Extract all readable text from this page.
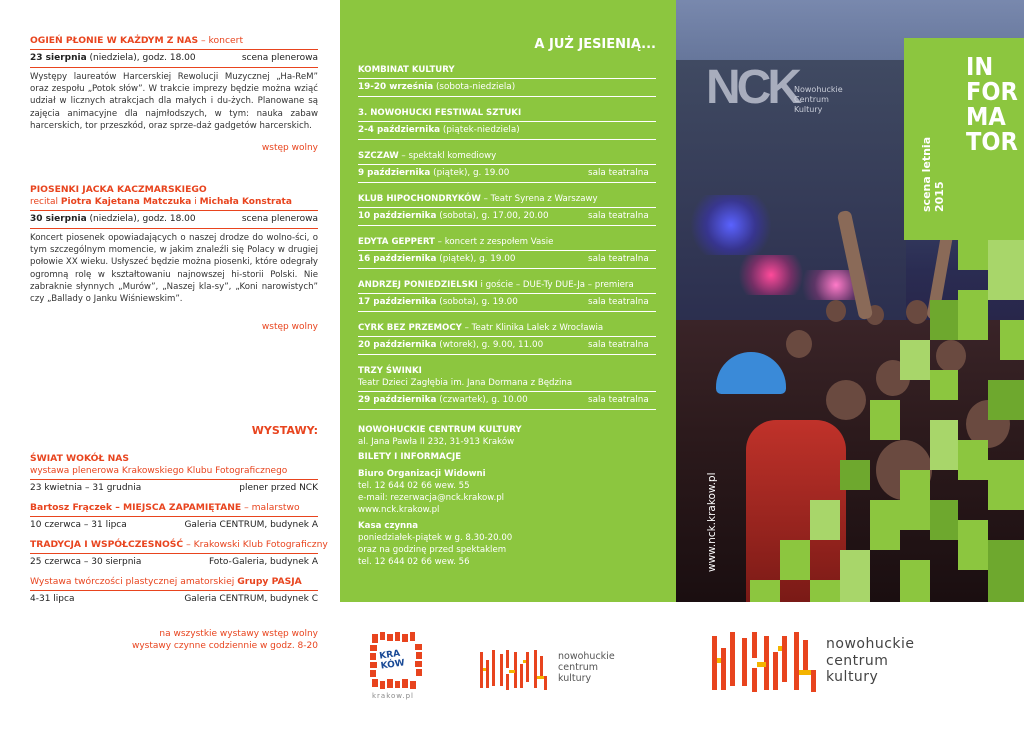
OGIEŃ PŁONIE W KAŻDYM Z NAS – koncert
23 sierpnia (niedziela), godz. 18.00	scena plenerowa
Występy laureatów Harcerskiej Rewolucji Muzycznej „Ha-ReM” oraz zespołu „Potok słów”. W trakcie imprezy będzie można wziąć udział w licznych atrakcjach dla małych i du-żych. Planowane są zajęcia animacyjne dla najmłodszych, w tym: nauka zabaw harcerskich, tor przeszkód, oraz sprze-daż gadgetów harcerskich.
wstęp wolny
PIOSENKI JACKA KACZMARSKIEGO
recital Piotra Kajetana Matczuka i Michała Konstrata
30 sierpnia (niedziela), godz. 18.00	scena plenerowa
Koncert piosenek opowiadających o naszej drodze do wolno-ści, o tym szczególnym momencie, w jakim znaleźli się Polacy w drugiej połowie XX wieku. Usłyszeć będzie można piosenki, które odegrały ogromną rolę w kształtowaniu najnowszej hi-storii Polski. Nie zabraknie słynnych „Murów”, „Naszej kla-sy”, „Koni narowistych” czy „Ballady o Janku Wiśniewskim”.
wstęp wolny
WYSTAWY:
ŚWIAT WOKÓŁ NAS
wystawa plenerowa Krakowskiego Klubu Fotograficznego
23 kwietnia – 31 grudnia	plener przed NCK
Bartosz Frączek – MIEJSCA ZAPAMIĘTANE – malarstwo
10 czerwca – 31 lipca	Galeria CENTRUM, budynek A
TRADYCJA I WSPÓŁCZESNOŚĆ – Krakowski Klub Fotograficzny
25 czerwca – 30 sierpnia	Foto-Galeria, budynek A
Wystawa twórczości plastycznej amatorskiej Grupy PASJA
4-31 lipca	Galeria CENTRUM, budynek C
na wszystkie wystawy wstęp wolny
wystawy czynne codziennie w godz. 8-20
A JUŻ JESIENIĄ...
KOMBINAT KULTURY
19-20 września (sobota-niedziela)
3. NOWOHUCKI FESTIWAL SZTUKI
2-4 października (piątek-niedziela)
SZCZAW – spektakl komediowy
9 października (piątek), g. 19.00	sala teatralna
KLUB HIPOCHONDRYKÓW – Teatr Syrena z Warszawy
10 października (sobota), g. 17.00, 20.00	sala teatralna
EDYTA GEPPERT – koncert z zespołem Vasie
16 października (piątek), g. 19.00	sala teatralna
ANDRZEJ PONIEDZIELSKI i goście – DUE-Ty DUE-Ja – premiera
17 października (sobota), g. 19.00	sala teatralna
CYRK BEZ PRZEMOCY – Teatr Klinika Lalek z Wrocławia
20 października (wtorek), g. 9.00, 11.00	sala teatralna
TRZY ŚWINKI
Teatr Dzieci Zagłębia im. Jana Dormana z Będzina
29 października (czwartek), g. 10.00	sala teatralna
NOWOHUCKIE CENTRUM KULTURY
al. Jana Pawła II 232, 31-913 Kraków
BILETY I INFORMACJE
Biuro Organizacji Widowni
tel. 12 644 02 66 wew. 55
e-mail: rezerwacja@nck.krakow.pl
www.nck.krakow.pl
Kasa czynna
poniedziałek-piątek w g. 8.30-20.00
oraz na godzinę przed spektaklem
tel. 12 644 02 66 wew. 56
NCK
Nowohuckie
Centrum
Kultury
IN
FOR
MA
TOR
scena letnia 2015
www.nck.krakow.pl
KRA
KÓW
krakow.pl
nowohuckie
centrum
kultury
nowohuckie
centrum
kultury
